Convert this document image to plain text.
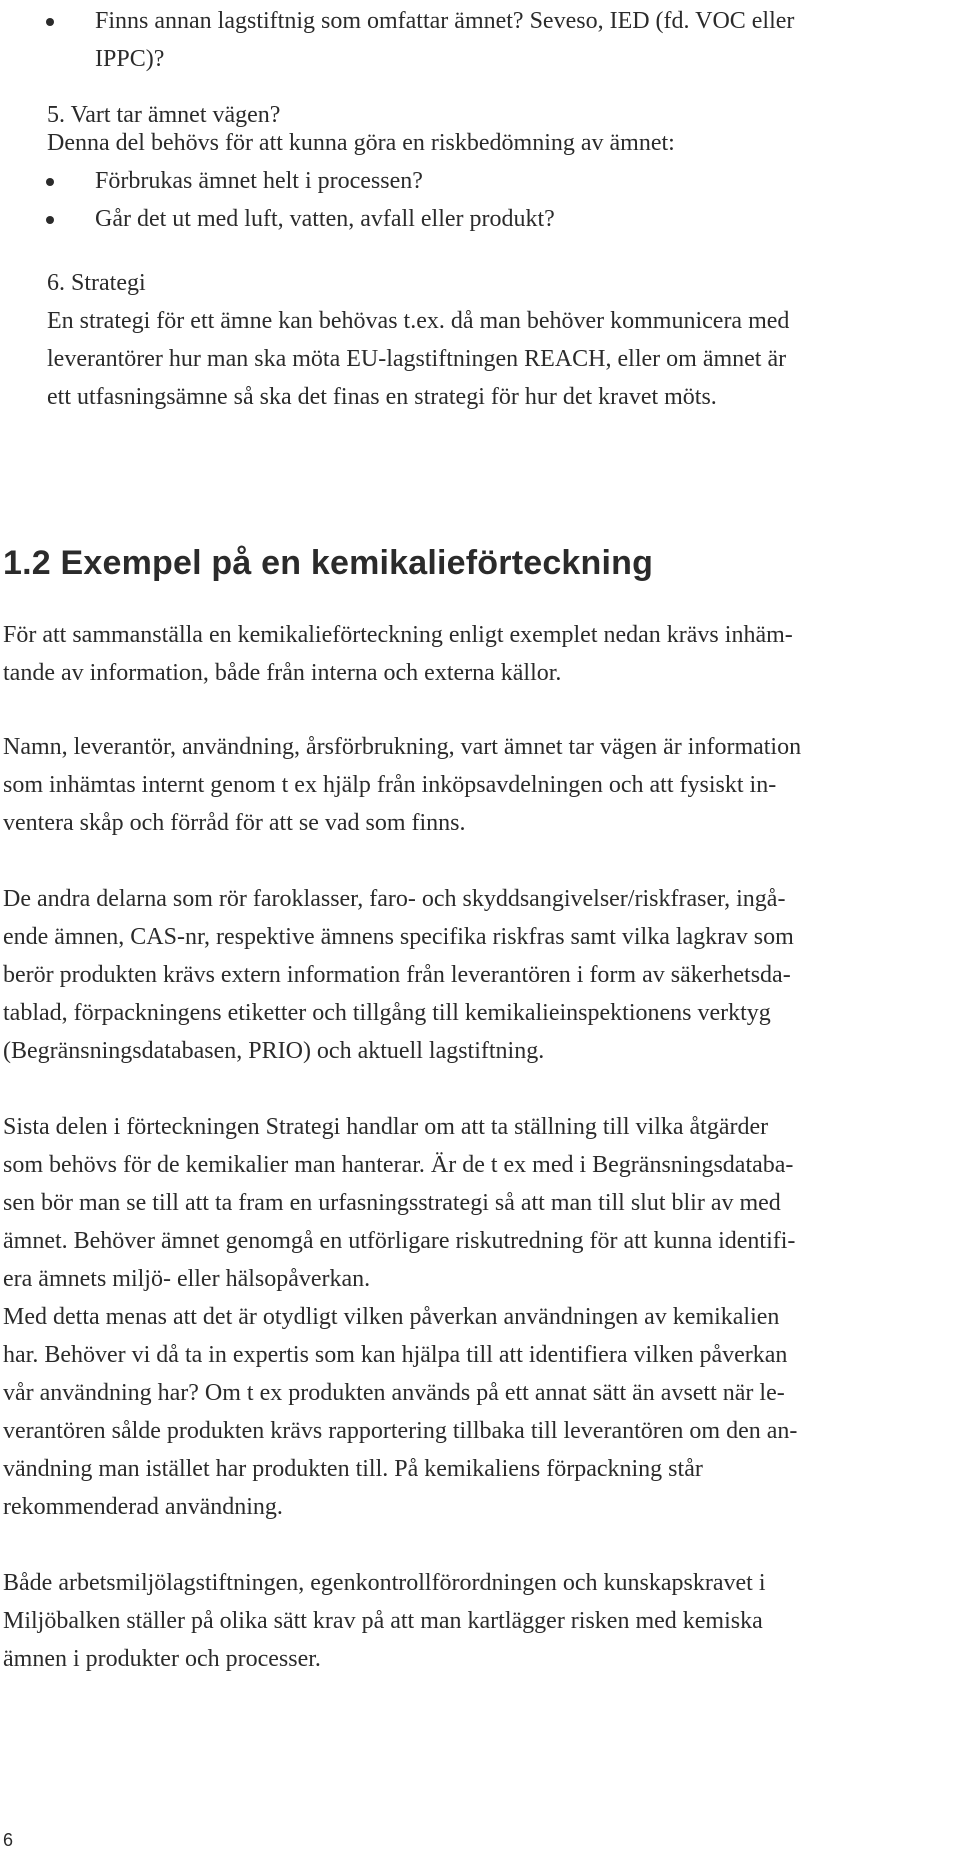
Finns annan lagstiftnig som omfattar ämnet? Seveso, IED (fd. VOC eller
IPPC)?
5. Vart tar ämnet vägen?
Denna del behövs för att kunna göra en riskbedömning av ämnet:
Förbrukas ämnet helt i processen?
Går det ut med luft, vatten, avfall eller produkt?
6. Strategi
En strategi för ett ämne kan behövas t.ex. då man behöver kommunicera med
leverantörer hur man ska möta EU-lagstiftningen REACH, eller om ämnet är
ett utfasningsämne så ska det finas en strategi för hur det kravet möts.
1.2 Exempel på en kemikalieförteckning
För att sammanställa en kemikalieförteckning enligt exemplet nedan krävs inhäm-
tande av information, både från interna och externa källor.
Namn, leverantör, användning, årsförbrukning, vart ämnet tar vägen är information
som inhämtas internt genom t ex hjälp från inköpsavdelningen och att fysiskt in-
ventera skåp och förråd för att se vad som finns.
De andra delarna som rör faroklasser, faro- och skyddsangivelser/riskfraser, ingå-
ende ämnen, CAS-nr, respektive ämnens specifika riskfras samt vilka lagkrav som
berör produkten krävs extern information från leverantören i form av säkerhetsda-
tablad, förpackningens etiketter och tillgång till kemikalieinspektionens verktyg
(Begränsningsdatabasen, PRIO) och aktuell lagstiftning.
Sista delen i förteckningen Strategi handlar om att ta ställning till vilka åtgärder
som behövs för de kemikalier man hanterar. Är de t ex med i Begränsningsdataba-
sen bör man se till att ta fram en urfasningsstrategi så att man till slut blir av med
ämnet. Behöver ämnet genomgå en utförligare riskutredning för att kunna identifi-
era ämnets miljö- eller hälsopåverkan.
Med detta menas att det är otydligt vilken påverkan användningen av kemikalien
har. Behöver vi då ta in expertis som kan hjälpa till att identifiera vilken påverkan
vår användning har? Om t ex produkten används på ett annat sätt än avsett när le-
verantören sålde produkten krävs rapportering tillbaka till leverantören om den an-
vändning man istället har produkten till. På kemikaliens förpackning står
rekommenderad användning.
Både arbetsmiljölagstiftningen, egenkontrollförordningen och kunskapskravet i
Miljöbalken ställer på olika sätt krav på att man kartlägger risken med kemiska
ämnen i produkter och processer.
6
